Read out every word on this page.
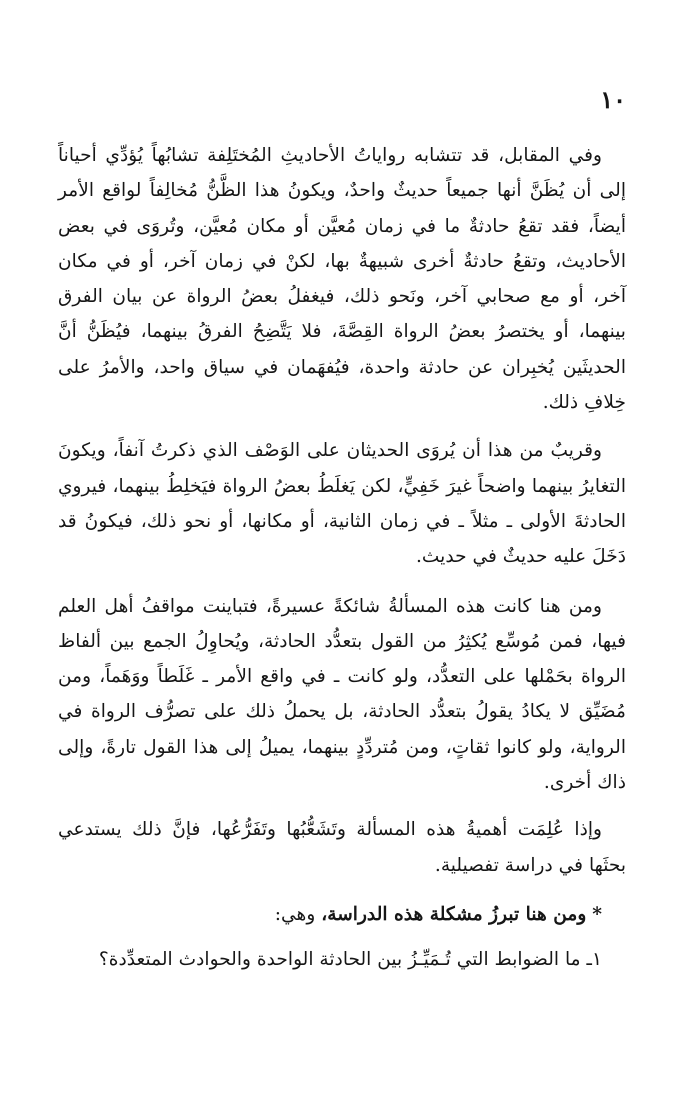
١٠

وفي المقابل، قد تتشابه رواياتُ الأحاديثِ المُختَلِفة تشابُهاً يُؤدِّي أحياناً إلى أن يُظَنَّ أنها جميعاً حديثٌ واحدٌ، ويكونُ هذا الظَّنُّ مُخالِفاً لواقع الأمر أيضاً، فقد تقعُ حادثةٌ ما في زمان مُعيَّن أو مكان مُعيَّن، وتُروَى في بعض الأحاديث، وتقعُ حادثةٌ أخرى شبيهةٌ بها، لكنْ في زمان آخر، أو في مكان آخر، أو مع صحابي آخر، ونَحو ذلك، فيغفلُ بعضُ الرواة عن بيان الفرق بينهما، أو يختصرُ بعضُ الرواة القِصَّةَ، فلا يَتَّضِحُ الفرقُ بينهما، فيُظَنُّ أنَّ الحديثَين يُخبِران عن حادثة واحدة، فيُفهَمان في سياق واحد، والأمرُ على خِلافِ ذلك.

وقريبٌ من هذا أن يُروَى الحديثان على الوَصْف الذي ذكرتُ آنفاً، ويكونَ التغايرُ بينهما واضحاً غيرَ خَفِيٍّ، لكن يَغلَطُ بعضُ الرواة فيَخلِطُ بينهما، فيروي الحادثةَ الأولى ـ مثلاً ـ في زمان الثانية، أو مكانها، أو نحو ذلك، فيكونُ قد دَخَلَ عليه حديثٌ في حديث.

ومن هنا كانت هذه المسألةُ شائكةً عسيرةً، فتباينت مواقفُ أهل العلم فيها، فمن مُوسِّع يُكثِرُ من القول بتعدُّد الحادثة، ويُحاوِلُ الجمع بين ألفاظ الرواة بحَمْلها على التعدُّد، ولو كانت ـ في واقع الأمر ـ غَلَطاً ووَهَماً، ومن مُضَيِّق لا يكادُ يقولُ بتعدُّد الحادثة، بل يحملُ ذلك على تصرُّف الرواة في الرواية، ولو كانوا ثقاتٍ، ومن مُتردِّدٍ بينهما، يميلُ إلى هذا القول تارةً، وإلى ذاك أخرى.

وإذا عُلِمَت أهميةُ هذه المسألة وتَشَعُّبُها وتَفَرُّعُها، فإنَّ ذلك يستدعي بحثَها في دراسة تفصيلية.

* ومن هنا تبرزُ مشكلة هذه الدراسة، وهي:

١ـ ما الضوابط التي تُـمَيِّـزُ بين الحادثة الواحدة والحوادث المتعدِّدة؟
